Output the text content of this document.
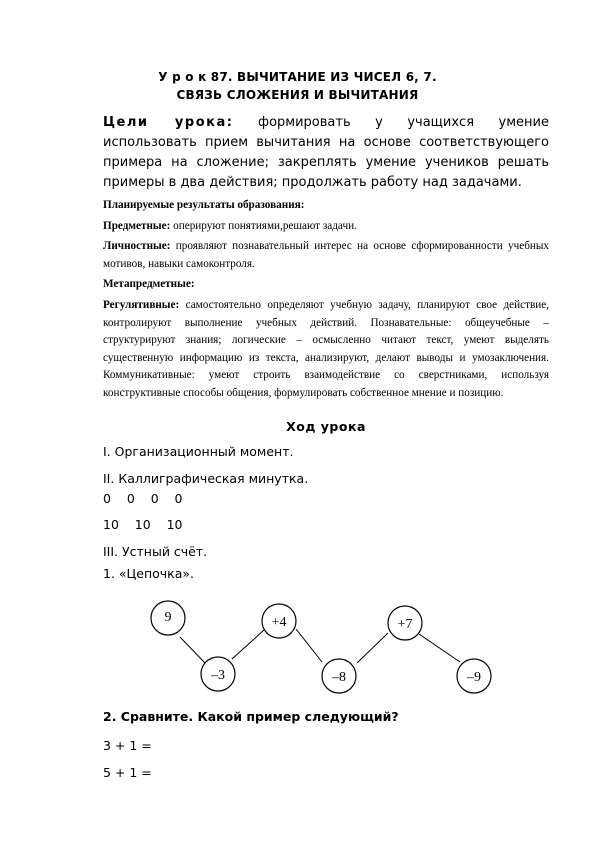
У р о к 87. ВЫЧИТАНИЕ ИЗ ЧИСЕЛ 6, 7.
СВЯЗЬ СЛОЖЕНИЯ И ВЫЧИТАНИЯ
Цели урока: формировать у учащихся умение
использовать прием вычитания на основе соответствующего
примера на сложение; закреплять умение учеников решать
примеры в два действия; продолжать работу над задачами.

Планируемые результаты образования:

Предметные: оперируют понятиями,решают задачи.

Личностные: проявляют познавательный интерес на основе сформированности учебных мотивов, навыки самоконтроля.

Метапредметные:

Регулятивные: самостоятельно определяют учебную задачу, планируют свое действие, контролируют выполнение учебных действий. Познавательные: общеучебные – структурируют знания; логические – осмысленно читают текст, умеют выделять существенную информацию из текста, анализируют, делают выводы и умозаключения. Коммуникативные: умеют строить взаимодействие со сверстниками, используя конструктивные способы общения, формулировать собственное мнение и позицию.

Ход урока
I. Организационный момент.
II. Каллиграфическая минутка.
0    0    0    0
10    10    10
III. Устный счёт.
1. «Цепочка».
9
–3
+4
–8
+7
–9
2. Сравните. Какой пример следующий?
3 + 1 =
5 + 1 =
